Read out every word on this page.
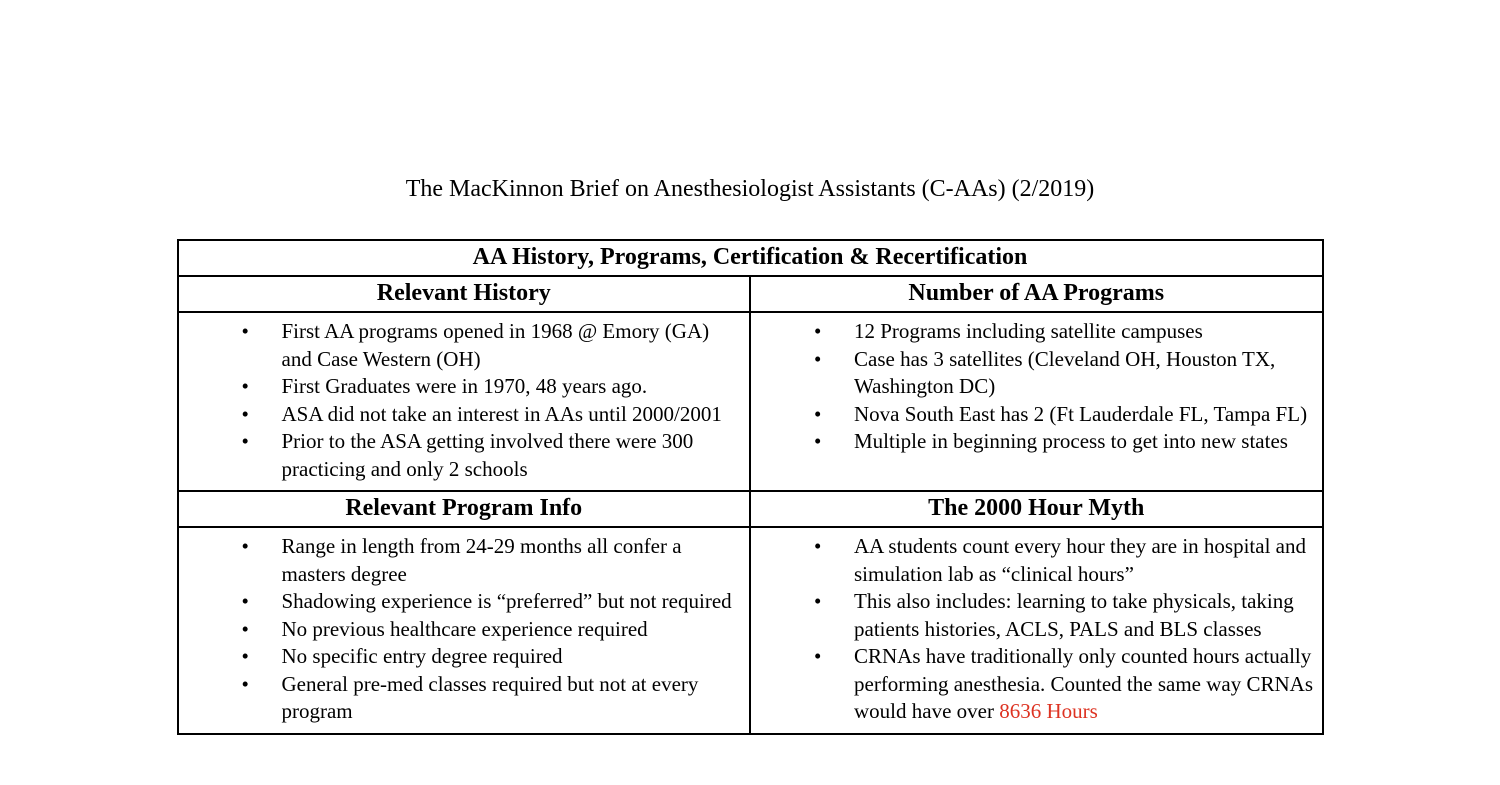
The MacKinnon Brief on Anesthesiologist Assistants (C-AAs) (2/2019)
AA History, Programs, Certification & Recertification	
Relevant History	Number of AA Programs

• First AA programs opened in 1968 @ Emory (GA) and Case Western (OH)
• First Graduates were in 1970, 48 years ago.
• ASA did not take an interest in AAs until 2000/2001
• Prior to the ASA getting involved there were 300 practicing and only 2 schools

• 12 Programs including satellite campuses
• Case has 3 satellites (Cleveland OH, Houston TX, Washington DC)
• Nova South East has 2 (Ft Lauderdale FL, Tampa FL)
• Multiple in beginning process to get into new states

Relevant Program Info	The 2000 Hour Myth

• Range in length from 24-29 months all confer a masters degree
• Shadowing experience is “preferred” but not required
• No previous healthcare experience required
• No specific entry degree required
• General pre-med classes required but not at every program

• AA students count every hour they are in hospital and simulation lab as “clinical hours”
• This also includes: learning to take physicals, taking patients histories, ACLS, PALS and BLS classes
• CRNAs have traditionally only counted hours actually performing anesthesia. Counted the same way CRNAs would have over 8636 Hours
